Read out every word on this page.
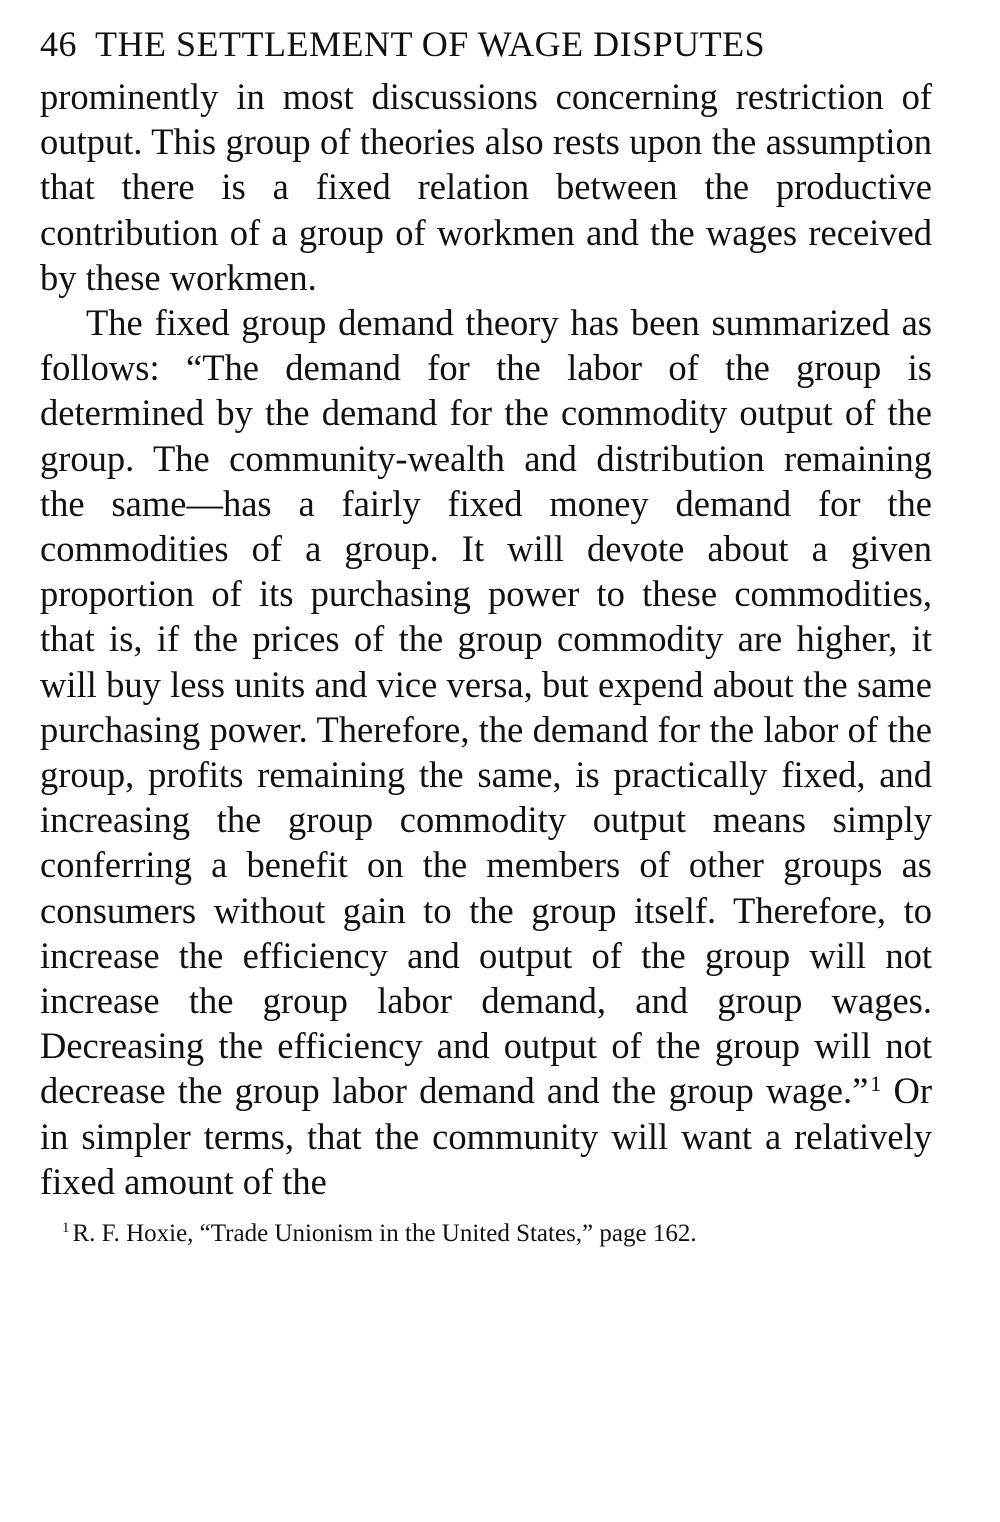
46 THE SETTLEMENT OF WAGE DISPUTES

prominently in most discussions concerning restriction of output. This group of theories also rests upon the assumption that there is a fixed relation between the productive contribution of a group of workmen and the wages received by these workmen.

The fixed group demand theory has been summarized as follows: “The demand for the labor of the group is determined by the demand for the commodity output of the group. The community-wealth and distribution remaining the same—has a fairly fixed money demand for the commodities of a group. It will devote about a given proportion of its purchasing power to these commodities, that is, if the prices of the group commodity are higher, it will buy less units and vice versa, but expend about the same purchasing power. Therefore, the demand for the labor of the group, profits remaining the same, is practically fixed, and increasing the group commodity output means simply conferring a benefit on the members of other groups as consumers without gain to the group itself. Therefore, to increase the efficiency and output of the group will not increase the group labor demand, and group wages. Decreasing the efficiency and output of the group will not decrease the group labor demand and the group wage.”$^1$ Or in simpler terms, that the community will want a relatively fixed amount of the

$^1$ R. F. Hoxie, “Trade Unionism in the United States,” page 162.
